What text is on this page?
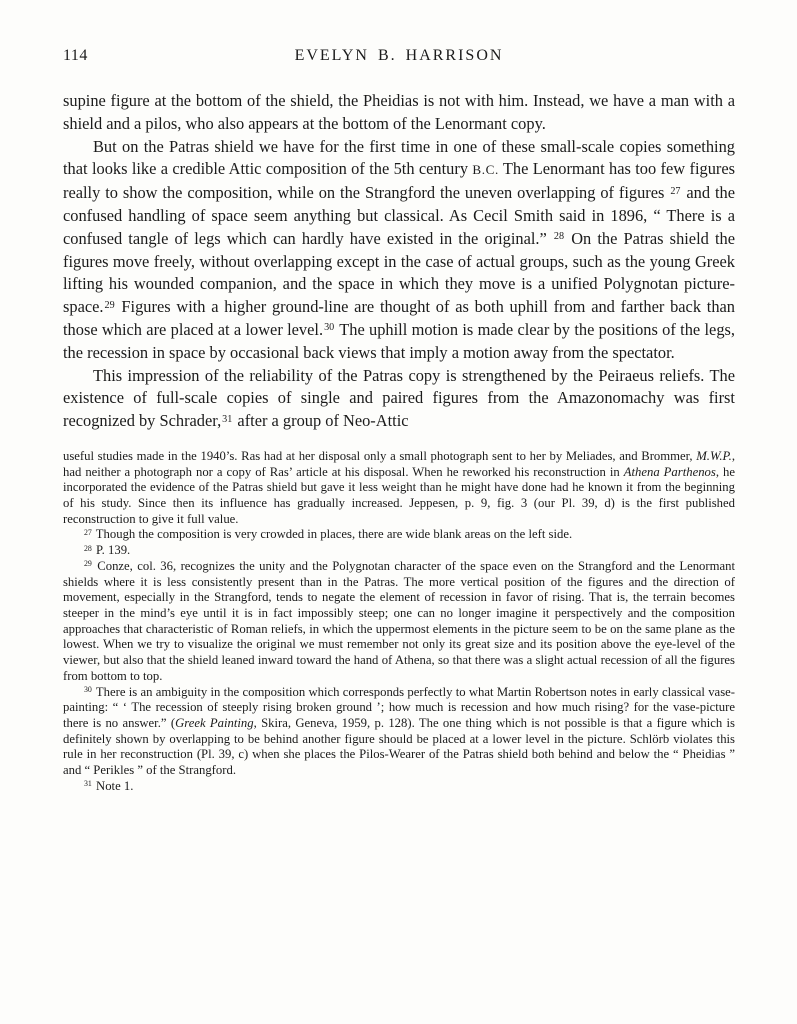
114	EVELYN B. HARRISON

supine figure at the bottom of the shield, the Pheidias is not with him. Instead, we have a man with a shield and a pilos, who also appears at the bottom of the Lenormant copy.

But on the Patras shield we have for the first time in one of these small-scale copies something that looks like a credible Attic composition of the 5th century B.C. The Lenormant has too few figures really to show the composition, while on the Strangford the uneven overlapping of figures $^{27}$ and the confused handling of space seem anything but classical. As Cecil Smith said in 1896, “ There is a confused tangle of legs which can hardly have existed in the original.” $^{28}$ On the Patras shield the figures move freely, without overlapping except in the case of actual groups, such as the young Greek lifting his wounded companion, and the space in which they move is a unified Polygnotan picture-space.$^{29}$ Figures with a higher ground-line are thought of as both uphill from and farther back than those which are placed at a lower level.$^{30}$ The uphill motion is made clear by the positions of the legs, the recession in space by occasional back views that imply a motion away from the spectator.

This impression of the reliability of the Patras copy is strengthened by the Peiraeus reliefs. The existence of full-scale copies of single and paired figures from the Amazonomachy was first recognized by Schrader,$^{31}$ after a group of Neo-Attic

useful studies made in the 1940’s. Ras had at her disposal only a small photograph sent to her by Meliades, and Brommer, M.W.P., had neither a photograph nor a copy of Ras’ article at his disposal. When he reworked his reconstruction in Athena Parthenos, he incorporated the evidence of the Patras shield but gave it less weight than he might have done had he known it from the beginning of his study. Since then its influence has gradually increased. Jeppesen, p. 9, fig. 3 (our Pl. 39, d) is the first published reconstruction to give it full value.

$^{27}$ Though the composition is very crowded in places, there are wide blank areas on the left side.

$^{28}$ P. 139.

$^{29}$ Conze, col. 36, recognizes the unity and the Polygnotan character of the space even on the Strangford and the Lenormant shields where it is less consistently present than in the Patras. The more vertical position of the figures and the direction of movement, especially in the Strangford, tends to negate the element of recession in favor of rising. That is, the terrain becomes steeper in the mind’s eye until it is in fact impossibly steep; one can no longer imagine it perspectively and the composition approaches that characteristic of Roman reliefs, in which the uppermost elements in the picture seem to be on the same plane as the lowest. When we try to visualize the original we must remember not only its great size and its position above the eye-level of the viewer, but also that the shield leaned inward toward the hand of Athena, so that there was a slight actual recession of all the figures from bottom to top.

$^{30}$ There is an ambiguity in the composition which corresponds perfectly to what Martin Robertson notes in early classical vase-painting: “ ‘ The recession of steeply rising broken ground ’; how much is recession and how much rising? for the vase-picture there is no answer.” (Greek Painting, Skira, Geneva, 1959, p. 128). The one thing which is not possible is that a figure which is definitely shown by overlapping to be behind another figure should be placed at a lower level in the picture. Schlörb violates this rule in her reconstruction (Pl. 39, c) when she places the Pilos-Wearer of the Patras shield both behind and below the “ Pheidias ” and “ Perikles ” of the Strangford.

$^{31}$ Note 1.
